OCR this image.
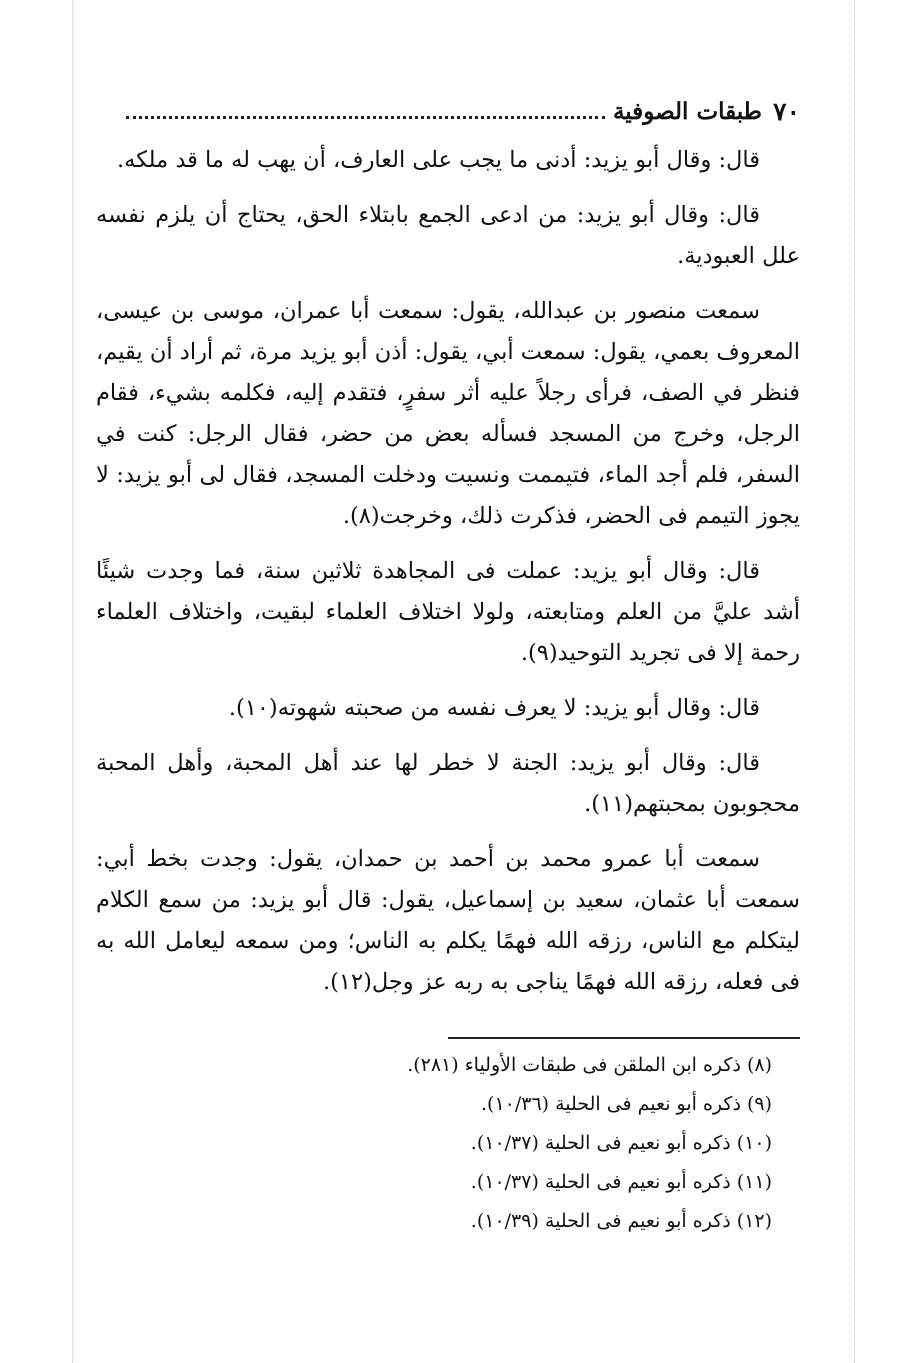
٧٠
طبقات الصوفية

قال: وقال أبو يزيد: أدنى ما يجب على العارف، أن يهب له ما قد ملكه.

قال: وقال أبو يزيد: من ادعى الجمع بابتلاء الحق، يحتاج أن يلزم نفسه علل العبودية.

سمعت منصور بن عبدالله، يقول: سمعت أبا عمران، موسى بن عيسى، المعروف بعمي، يقول: سمعت أبي، يقول: أذن أبو يزيد مرة، ثم أراد أن يقيم، فنظر في الصف، فرأى رجلاً عليه أثر سفرٍ، فتقدم إليه، فكلمه بشيء، فقام الرجل، وخرج من المسجد فسأله بعض من حضر، فقال الرجل: كنت في السفر، فلم أجد الماء، فتيممت ونسيت ودخلت المسجد، فقال لى أبو يزيد: لا يجوز التيمم فى الحضر، فذكرت ذلك، وخرجت(٨).

قال: وقال أبو يزيد: عملت فى المجاهدة ثلاثين سنة، فما وجدت شيئًا أشد عليَّ من العلم ومتابعته، ولولا اختلاف العلماء لبقيت، واختلاف العلماء رحمة إلا فى تجريد التوحيد(٩).

قال: وقال أبو يزيد: لا يعرف نفسه من صحبته شهوته(١٠).

قال: وقال أبو يزيد: الجنة لا خطر لها عند أهل المحبة، وأهل المحبة محجوبون بمحبتهم(١١).

سمعت أبا عمرو محمد بن أحمد بن حمدان، يقول: وجدت بخط أبي: سمعت أبا عثمان، سعيد بن إسماعيل، يقول: قال أبو يزيد: من سمع الكلام ليتكلم مع الناس، رزقه الله فهمًا يكلم به الناس؛ ومن سمعه ليعامل الله به فى فعله، رزقه الله فهمًا يناجى به ربه عز وجل(١٢).

(٨) ذكره ابن الملقن فى طبقات الأولياء (٢٨١).

(٩) ذكره أبو نعيم فى الحلية (١٠/٣٦).

(١٠) ذكره أبو نعيم فى الحلية (١٠/٣٧).

(١١) ذكره أبو نعيم فى الحلية (١٠/٣٧).

(١٢) ذكره أبو نعيم فى الحلية (١٠/٣٩).
